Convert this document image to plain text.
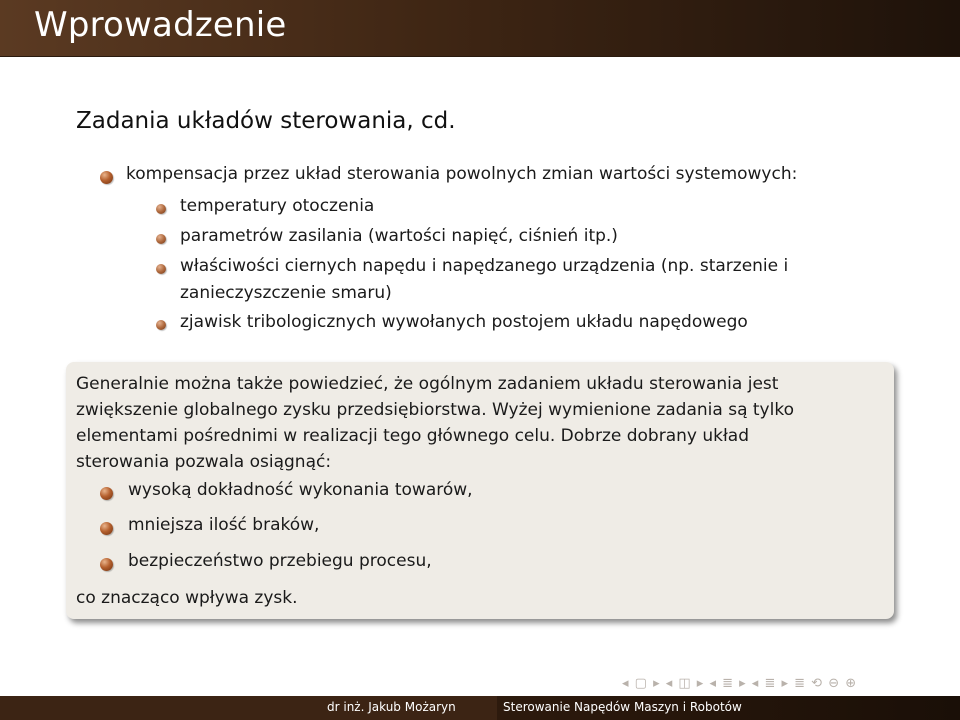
Wprowadzenie
Zadania układów sterowania, cd.
kompensacja przez układ sterowania powolnych zmian wartości systemowych:
temperatury otoczenia
parametrów zasilania (wartości napięć, ciśnień itp.)
właściwości ciernych napędu i napędzanego urządzenia (np. starzenie i
zanieczyszczenie smaru)
zjawisk tribologicznych wywołanych postojem układu napędowego
Generalnie można także powiedzieć, że ogólnym zadaniem układu sterowania jest
zwiększenie globalnego zysku przedsiębiorstwa. Wyżej wymienione zadania są tylko
elementami pośrednimi w realizacji tego głównego celu. Dobrze dobrany układ
sterowania pozwala osiągnąć:
wysoką dokładność wykonania towarów,
mniejsza ilość braków,
bezpieczeństwo przebiegu procesu,
co znacząco wpływa zysk.
◂ ▢ ▸ ◂ ◫ ▸ ◂ ≣ ▸ ◂ ≣ ▸ ≣ ⟲ ⊖ ⊕
dr inż. Jakub Możaryn	Sterowanie Napędów Maszyn i Robotów
